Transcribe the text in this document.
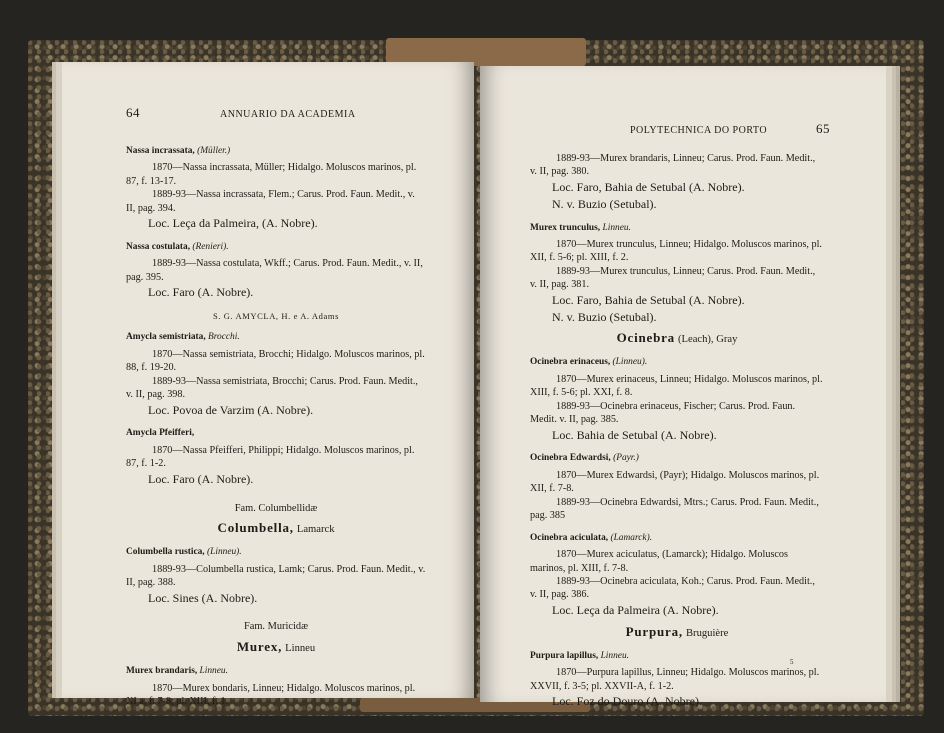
64	ANNUARIO DA ACADEMIA
Nassa incrassata, (Müller.)
1870—Nassa incrassata, Müller; Hidalgo. Moluscos marinos, pl. 87, f. 13-17.
1889-93—Nassa incrassata, Flem.; Carus. Prod. Faun. Medit., v. II, pag. 394.
Loc. Leça da Palmeira, (A. Nobre).
Nassa costulata, (Renieri).
1889-93—Nassa costulata, Wkff.; Carus. Prod. Faun. Medit., v. II, pag. 395.
Loc. Faro (A. Nobre).
S. G. AMYCLA, H. e A. Adams
Amycla semistriata, Brocchi.
1870—Nassa semistriata, Brocchi; Hidalgo. Moluscos marinos, pl. 88, f. 19-20.
1889-93—Nassa semistriata, Brocchi; Carus. Prod. Faun. Medit., v. II, pag. 398.
Loc. Povoa de Varzim (A. Nobre).
Amycla Pfeifferi,
1870—Nassa Pfeifferi, Philippi; Hidalgo. Moluscos marinos, pl. 87, f. 1-2.
Loc. Faro (A. Nobre).
Fam. Columbellidæ
Columbella, Lamarck
Columbella rustica, (Linneu).
1889-93—Columbella rustica, Lamk; Carus. Prod. Faun. Medit., v. II, pag. 388.
Loc. Sines (A. Nobre).
Fam. Muricidæ
Murex, Linneu
Murex brandaris, Linneu.
1870—Murex bondaris, Linneu; Hidalgo. Moluscos marinos, pl. XI a, f. 7-8; pl. XIII, f. 1.
POLYTECHNICA DO PORTO	65
1889-93—Murex brandaris, Linneu; Carus. Prod. Faun. Medit., v. II, pag. 380.
Loc. Faro, Bahia de Setubal (A. Nobre).
N. v. Buzio (Setubal).
Murex trunculus, Linneu.
1870—Murex trunculus, Linneu; Hidalgo. Moluscos marinos, pl. XII, f. 5-6; pl. XIII, f. 2.
1889-93—Murex trunculus, Linneu; Carus. Prod. Faun. Medit., v. II, pag. 381.
Loc. Faro, Bahia de Setubal (A. Nobre).
N. v. Buzio (Setubal).
Ocinebra (Leach), Gray
Ocinebra erinaceus, (Linneu).
1870—Murex erinaceus, Linneu; Hidalgo. Moluscos marinos, pl. XIII, f. 5-6; pl. XXI, f. 8.
1889-93—Ocinebra erinaceus, Fischer; Carus. Prod. Faun. Medit. v. II, pag. 385.
Loc. Bahia de Setubal (A. Nobre).
Ocinebra Edwardsi, (Payr.)
1870—Murex Edwardsi, (Payr); Hidalgo. Moluscos marinos, pl. XII, f. 7-8.
1889-93—Ocinebra Edwardsi, Mtrs.; Carus. Prod. Faun. Medit., pag. 385
Ocinebra aciculata, (Lamarck).
1870—Murex aciculatus, (Lamarck); Hidalgo. Moluscos marinos, pl. XIII, f. 7-8.
1889-93—Ocinebra aciculata, Koh.; Carus. Prod. Faun. Medit., v. II, pag. 386.
Loc. Leça da Palmeira (A. Nobre).
Purpura, Bruguière
Purpura lapillus, Linneu.
1870—Purpura lapillus, Linneu; Hidalgo. Moluscos marinos, pl. XXVII, f. 3-5; pl. XXVII-A, f. 1-2.
Loc. Foz do Douro (A. Nobre).
5
